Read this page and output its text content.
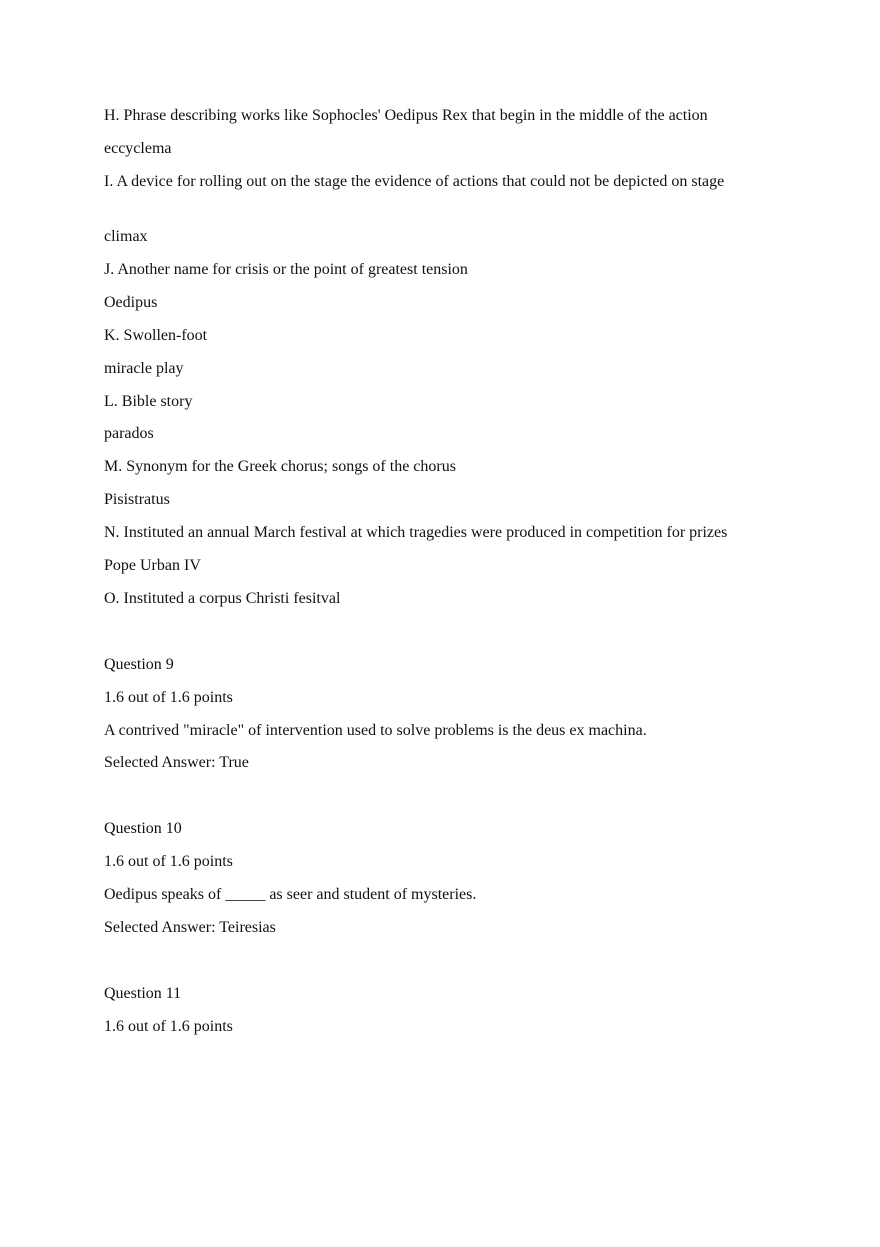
H. Phrase describing works like Sophocles' Oedipus Rex that begin in the middle of the action

eccyclema

I. A device for rolling out on the stage the evidence of actions that could not be depicted on stage

climax

J. Another name for crisis or the point of greatest tension

Oedipus

K. Swollen-foot

miracle play

L. Bible story

parados

M. Synonym for the Greek chorus; songs of the chorus

Pisistratus

N. Instituted an annual March festival at which tragedies were produced in competition for prizes

Pope Urban IV

O. Instituted a corpus Christi fesitval

Question 9

1.6 out of 1.6 points

A contrived "miracle" of intervention used to solve problems is the deus ex machina.

Selected Answer: True

Question 10

1.6 out of 1.6 points

Oedipus speaks of _____ as seer and student of mysteries.

Selected Answer: Teiresias

Question 11

1.6 out of 1.6 points
